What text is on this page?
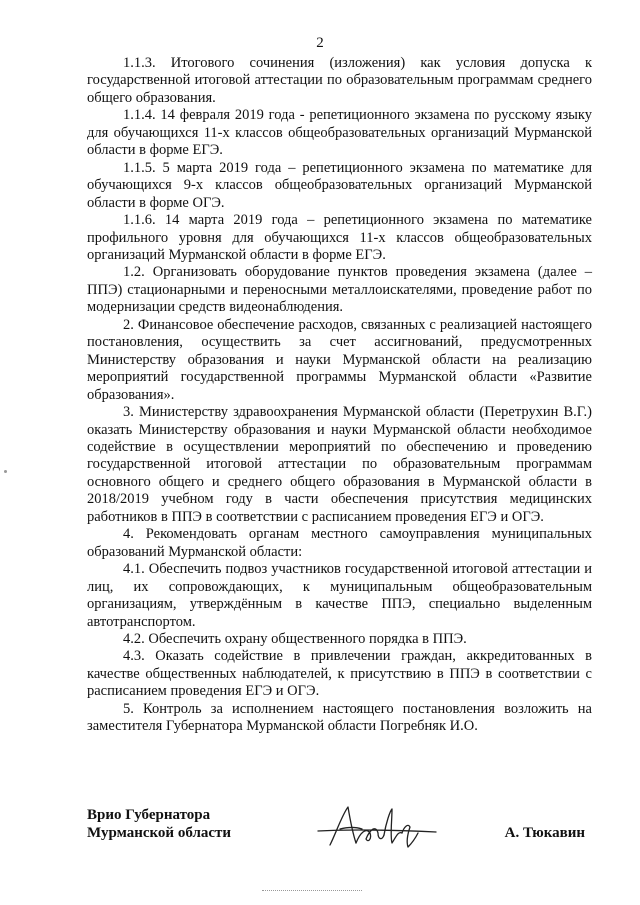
2

1.1.3. Итогового сочинения (изложения) как условия допуска к государственной итоговой аттестации по образовательным программам среднего общего образования.

1.1.4. 14 февраля 2019 года - репетиционного экзамена по русскому языку для обучающихся 11-х классов общеобразовательных организаций Мурманской области в форме ЕГЭ.

1.1.5. 5 марта 2019 года – репетиционного экзамена по математике для обучающихся 9-х классов общеобразовательных организаций Мурманской области в форме ОГЭ.

1.1.6. 14 марта 2019 года – репетиционного экзамена по математике профильного уровня для обучающихся 11-х классов общеобразовательных организаций Мурманской области в форме ЕГЭ.

1.2. Организовать оборудование пунктов проведения экзамена (далее – ППЭ) стационарными и переносными металлоискателями, проведение работ по модернизации средств видеонаблюдения.

2. Финансовое обеспечение расходов, связанных с реализацией настоящего постановления, осуществить за счет ассигнований, предусмотренных Министерству образования и науки Мурманской области на реализацию мероприятий государственной программы Мурманской области «Развитие образования».

3. Министерству здравоохранения Мурманской области (Перетрухин В.Г.) оказать Министерству образования и науки Мурманской области необходимое содействие в осуществлении мероприятий по обеспечению и проведению государственной итоговой аттестации по образовательным программам основного общего и среднего общего образования в Мурманской области в 2018/2019 учебном году в части обеспечения присутствия медицинских работников в ППЭ в соответствии с расписанием проведения ЕГЭ и ОГЭ.

4. Рекомендовать органам местного самоуправления муниципальных образований Мурманской области:

4.1. Обеспечить подвоз участников государственной итоговой аттестации и лиц, их сопровождающих, к муниципальным общеобразовательным организациям, утверждённым в качестве ППЭ, специально выделенным автотранспортом.

4.2. Обеспечить охрану общественного порядка в ППЭ.

4.3. Оказать содействие в привлечении граждан, аккредитованных в качестве общественных наблюдателей, к присутствию в ППЭ в соответствии с расписанием проведения ЕГЭ и ОГЭ.

5. Контроль за исполнением настоящего постановления возложить на заместителя Губернатора Мурманской области Погребняк И.О.

Врио Губернатора
Мурманской области	А. Тюкавин
